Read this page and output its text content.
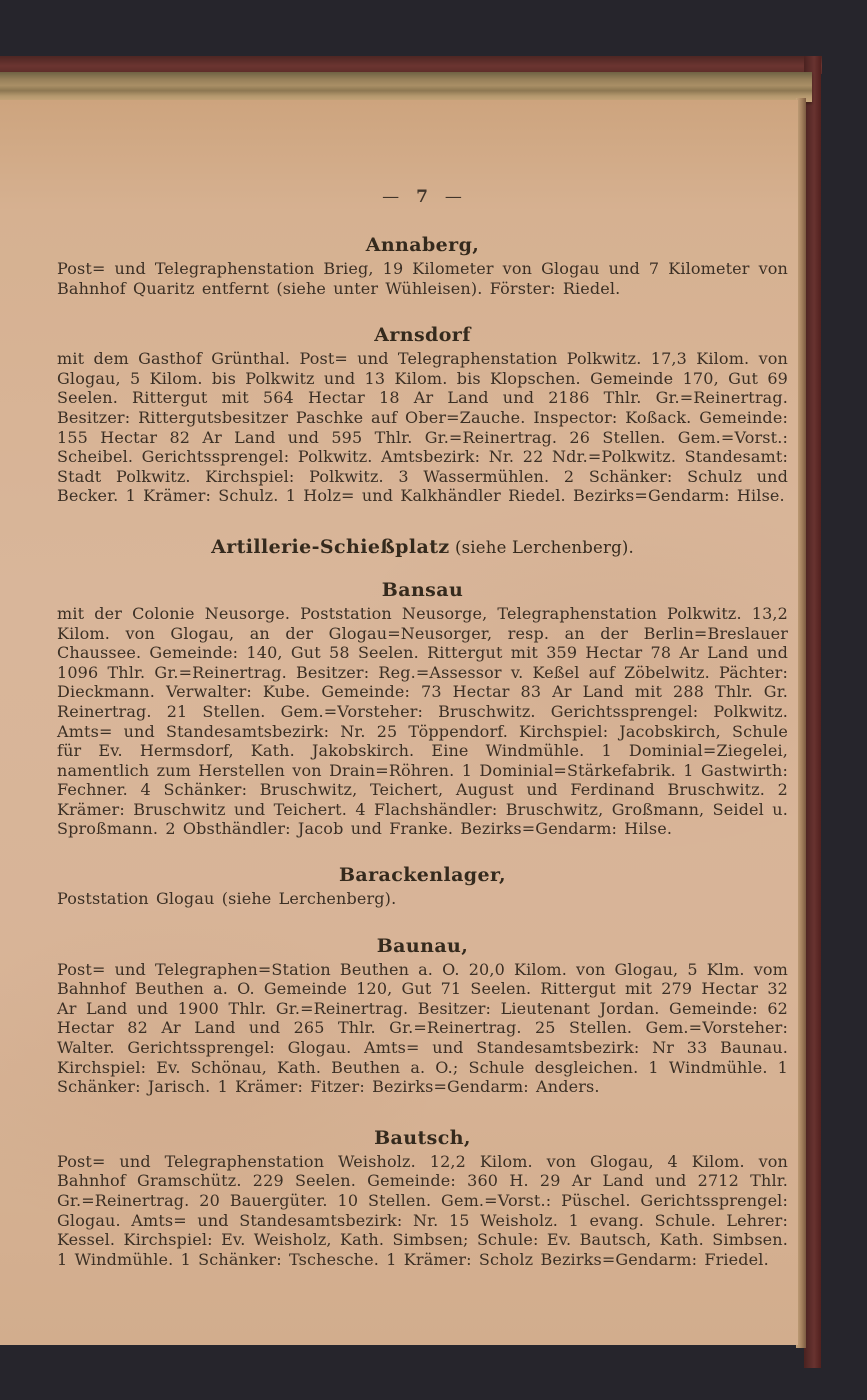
— 7 —
Annaberg,

Post= und Telegraphenstation Brieg, 19 Kilometer von Glogau und 7 Kilometer von Bahnhof Quaritz entfernt (siehe unter Wühleisen). Förster: Riedel.

Arnsdorf

mit dem Gasthof Grünthal. Post= und Telegraphenstation Polkwitz. 17,3 Kilom. von Glogau, 5 Kilom. bis Polkwitz und 13 Kilom. bis Klopschen. Gemeinde 170, Gut 69 Seelen. Rittergut mit 564 Hectar 18 Ar Land und 2186 Thlr. Gr.=Reinertrag. Besitzer: Rittergutsbesitzer Paschke auf Ober=Zauche. Inspector: Koßack. Gemeinde: 155 Hectar 82 Ar Land und 595 Thlr. Gr.=Reinertrag. 26 Stellen. Gem.=Vorst.: Scheibel. Gerichtssprengel: Polkwitz. Amtsbezirk: Nr. 22 Ndr.=Polkwitz. Standesamt: Stadt Polkwitz. Kirchspiel: Polkwitz. 3 Wassermühlen. 2 Schänker: Schulz und Becker. 1 Krämer: Schulz. 1 Holz= und Kalkhändler Riedel. Bezirks=Gendarm: Hilse.

Artillerie-Schießplatz (siehe Lerchenberg).
Bansau

mit der Colonie Neusorge. Poststation Neusorge, Telegraphenstation Polkwitz. 13,2 Kilom. von Glogau, an der Glogau=Neusorger, resp. an der Berlin=Breslauer Chaussee. Gemeinde: 140, Gut 58 Seelen. Rittergut mit 359 Hectar 78 Ar Land und 1096 Thlr. Gr.=Reinertrag. Besitzer: Reg.=Assessor v. Keßel auf Zöbelwitz. Pächter: Dieckmann. Verwalter: Kube. Gemeinde: 73 Hectar 83 Ar Land mit 288 Thlr. Gr. Reinertrag. 21 Stellen. Gem.=Vorsteher: Bruschwitz. Gerichtssprengel: Polkwitz. Amts= und Standesamtsbezirk: Nr. 25 Töppendorf. Kirchspiel: Jacobskirch, Schule für Ev. Hermsdorf, Kath. Jakobskirch. Eine Windmühle. 1 Dominial=Ziegelei, namentlich zum Herstellen von Drain=Röhren. 1 Dominial=Stärkefabrik. 1 Gastwirth: Fechner. 4 Schänker: Bruschwitz, Teichert, August und Ferdinand Bruschwitz. 2 Krämer: Bruschwitz und Teichert. 4 Flachshändler: Bruschwitz, Großmann, Seidel u. Sproßmann. 2 Obsthändler: Jacob und Franke. Bezirks=Gendarm: Hilse.

Barackenlager,

Poststation Glogau (siehe Lerchenberg).

Baunau,

Post= und Telegraphen=Station Beuthen a. O. 20,0 Kilom. von Glogau, 5 Klm. vom Bahnhof Beuthen a. O. Gemeinde 120, Gut 71 Seelen. Rittergut mit 279 Hectar 32 Ar Land und 1900 Thlr. Gr.=Reinertrag. Besitzer: Lieutenant Jordan. Gemeinde: 62 Hectar 82 Ar Land und 265 Thlr. Gr.=Reinertrag. 25 Stellen. Gem.=Vorsteher: Walter. Gerichtssprengel: Glogau. Amts= und Standesamtsbezirk: Nr 33 Baunau. Kirchspiel: Ev. Schönau, Kath. Beuthen a. O.; Schule desgleichen. 1 Windmühle. 1 Schänker: Jarisch. 1 Krämer: Fitzer: Bezirks=Gendarm: Anders.

Bautsch,

Post= und Telegraphenstation Weisholz. 12,2 Kilom. von Glogau, 4 Kilom. von Bahnhof Gramschütz. 229 Seelen. Gemeinde: 360 H. 29 Ar Land und 2712 Thlr. Gr.=Reinertrag. 20 Bauergüter. 10 Stellen. Gem.=Vorst.: Püschel. Gerichtssprengel: Glogau. Amts= und Standesamtsbezirk: Nr. 15 Weisholz. 1 evang. Schule. Lehrer: Kessel. Kirchspiel: Ev. Weisholz, Kath. Simbsen; Schule: Ev. Bautsch, Kath. Simbsen. 1 Windmühle. 1 Schänker: Tschesche. 1 Krämer: Scholz Bezirks=Gendarm: Friedel.
